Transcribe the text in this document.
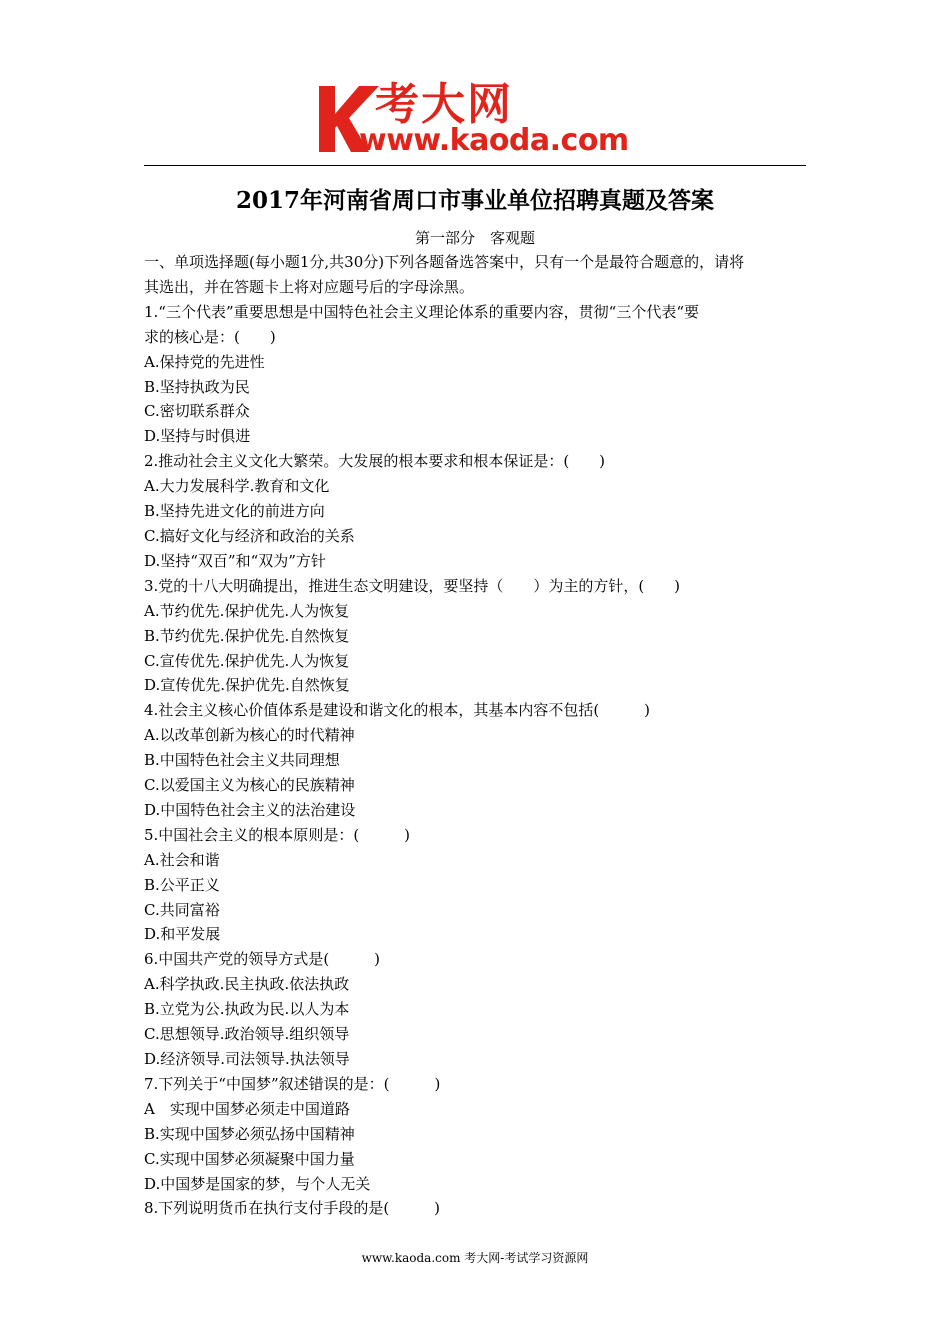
考大网
www.kaoda.com
2017年河南省周口市事业单位招聘真题及答案
第一部分　客观题

一、单项选择题(每小题1分,共30分)下列各题备选答案中，只有一个是最符合题意的，请将

其选出，并在答题卡上将对应题号后的字母涂黑。

1.“三个代表”重要思想是中国特色社会主义理论体系的重要内容，贯彻“三个代表“要

求的核心是：(　　)

A.保持党的先进性

B.坚持执政为民

C.密切联系群众

D.坚持与时俱进

2.推动社会主义文化大繁荣。大发展的根本要求和根本保证是：(　　)

A.大力发展科学.教育和文化

B.坚持先进文化的前进方向

C.搞好文化与经济和政治的关系

D.坚持“双百”和“双为”方针

3.党的十八大明确提出，推进生态文明建设，要坚持（　　）为主的方针，(　　)

A.节约优先.保护优先.人为恢复

B.节约优先.保护优先.自然恢复

C.宣传优先.保护优先.人为恢复

D.宣传优先.保护优先.自然恢复

4.社会主义核心价值体系是建设和谐文化的根本，其基本内容不包括(　　　)

A.以改革创新为核心的时代精神

B.中国特色社会主义共同理想

C.以爱国主义为核心的民族精神

D.中国特色社会主义的法治建设

5.中国社会主义的根本原则是：(　　　)

A.社会和谐

B.公平正义

C.共同富裕

D.和平发展

6.中国共产党的领导方式是(　　　)

A.科学执政.民主执政.依法执政

B.立党为公.执政为民.以人为本

C.思想领导.政治领导.组织领导

D.经济领导.司法领导.执法领导

7.下列关于“中国梦”叙述错误的是：(　　　)

A　实现中国梦必须走中国道路

B.实现中国梦必须弘扬中国精神

C.实现中国梦必须凝聚中国力量

D.中国梦是国家的梦，与个人无关

8.下列说明货币在执行支付手段的是(　　　)

www.kaoda.com 考大网-考试学习资源网
